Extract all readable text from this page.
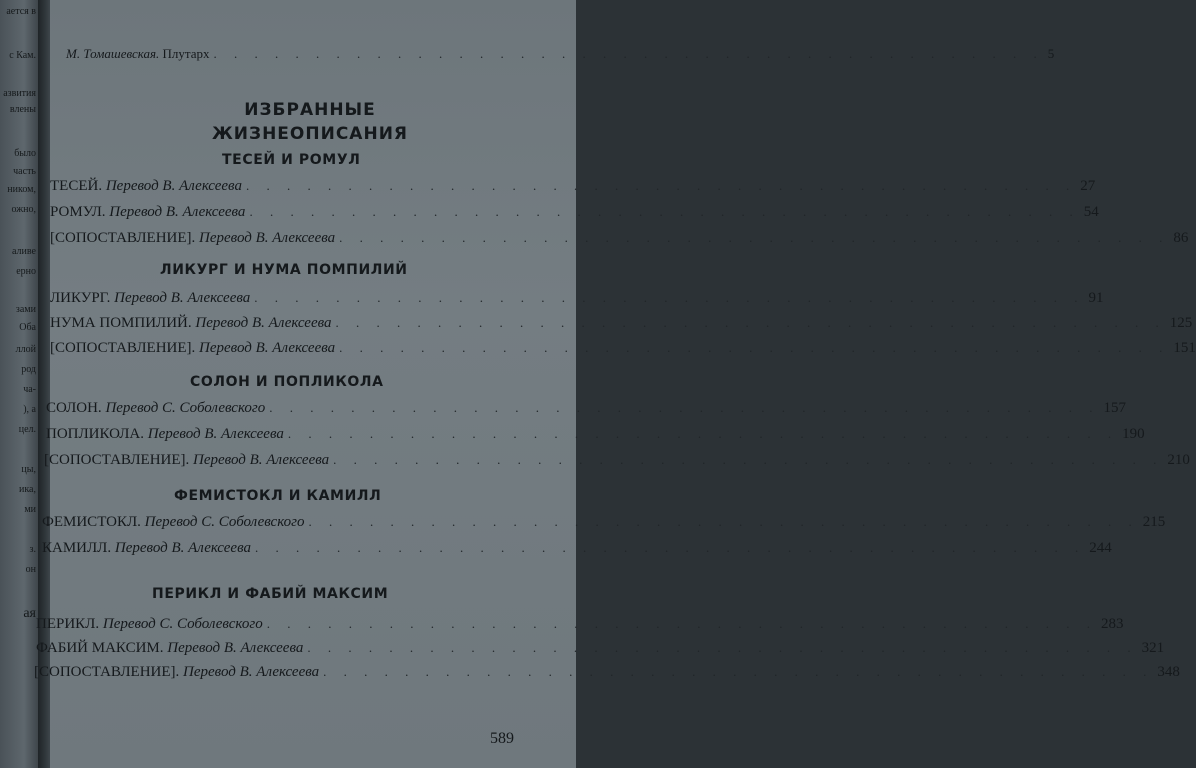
ается в
с Кам.
азвития
влены
было
часть
ником,
ожно,
аливе
ерно
зами
Оба
ллой
род
ча-
), а
цел.
цы,
ика,
ми
з.
он
ая
М. Томашевская. Плутарх . . . . . . . . . . . . . . . . . . . . . . . . . . . . . . . . . . . . . . . . . 5
ИЗБРАННЫЕ
ЖИЗНЕОПИСАНИЯ
ТЕСЕЙ И РОМУЛ
ТЕСЕЙ. Перевод В. Алексеева . . . . . . . . . . . . . . . . . . . . . . . . . . . . . . . . . . . . . . . . . 27
РОМУЛ. Перевод В. Алексеева . . . . . . . . . . . . . . . . . . . . . . . . . . . . . . . . . . . . . . . . . 54
[СОПОСТАВЛЕНИЕ]. Перевод В. Алексеева . . . . . . . . . . . . . . . . . . . . . . . . . . . . . . . . . . . . . . . . . 86
ЛИКУРГ И НУМА ПОМПИЛИЙ
ЛИКУРГ. Перевод В. Алексеева . . . . . . . . . . . . . . . . . . . . . . . . . . . . . . . . . . . . . . . . . 91
НУМА ПОМПИЛИЙ. Перевод В. Алексеева . . . . . . . . . . . . . . . . . . . . . . . . . . . . . . . . . . . . . . . . . 125
[СОПОСТАВЛЕНИЕ]. Перевод В. Алексеева . . . . . . . . . . . . . . . . . . . . . . . . . . . . . . . . . . . . . . . . . 151
СОЛОН И ПОПЛИКОЛА
СОЛОН. Перевод С. Соболевского . . . . . . . . . . . . . . . . . . . . . . . . . . . . . . . . . . . . . . . . . 157
ПОПЛИКОЛА. Перевод В. Алексеева . . . . . . . . . . . . . . . . . . . . . . . . . . . . . . . . . . . . . . . . . 190
[СОПОСТАВЛЕНИЕ]. Перевод В. Алексеева . . . . . . . . . . . . . . . . . . . . . . . . . . . . . . . . . . . . . . . . . 210
ФЕМИСТОКЛ И КАМИЛЛ
ФЕМИСТОКЛ. Перевод С. Соболевского . . . . . . . . . . . . . . . . . . . . . . . . . . . . . . . . . . . . . . . . . 215
КАМИЛЛ. Перевод В. Алексеева . . . . . . . . . . . . . . . . . . . . . . . . . . . . . . . . . . . . . . . . . 244
ПЕРИКЛ И ФАБИЙ МАКСИМ
ПЕРИКЛ. Перевод С. Соболевского . . . . . . . . . . . . . . . . . . . . . . . . . . . . . . . . . . . . . . . . . 283
ФАБИЙ МАКСИМ. Перевод В. Алексеева . . . . . . . . . . . . . . . . . . . . . . . . . . . . . . . . . . . . . . . . . 321
[СОПОСТАВЛЕНИЕ]. Перевод В. Алексеева . . . . . . . . . . . . . . . . . . . . . . . . . . . . . . . . . . . . . . . . . 348
589
